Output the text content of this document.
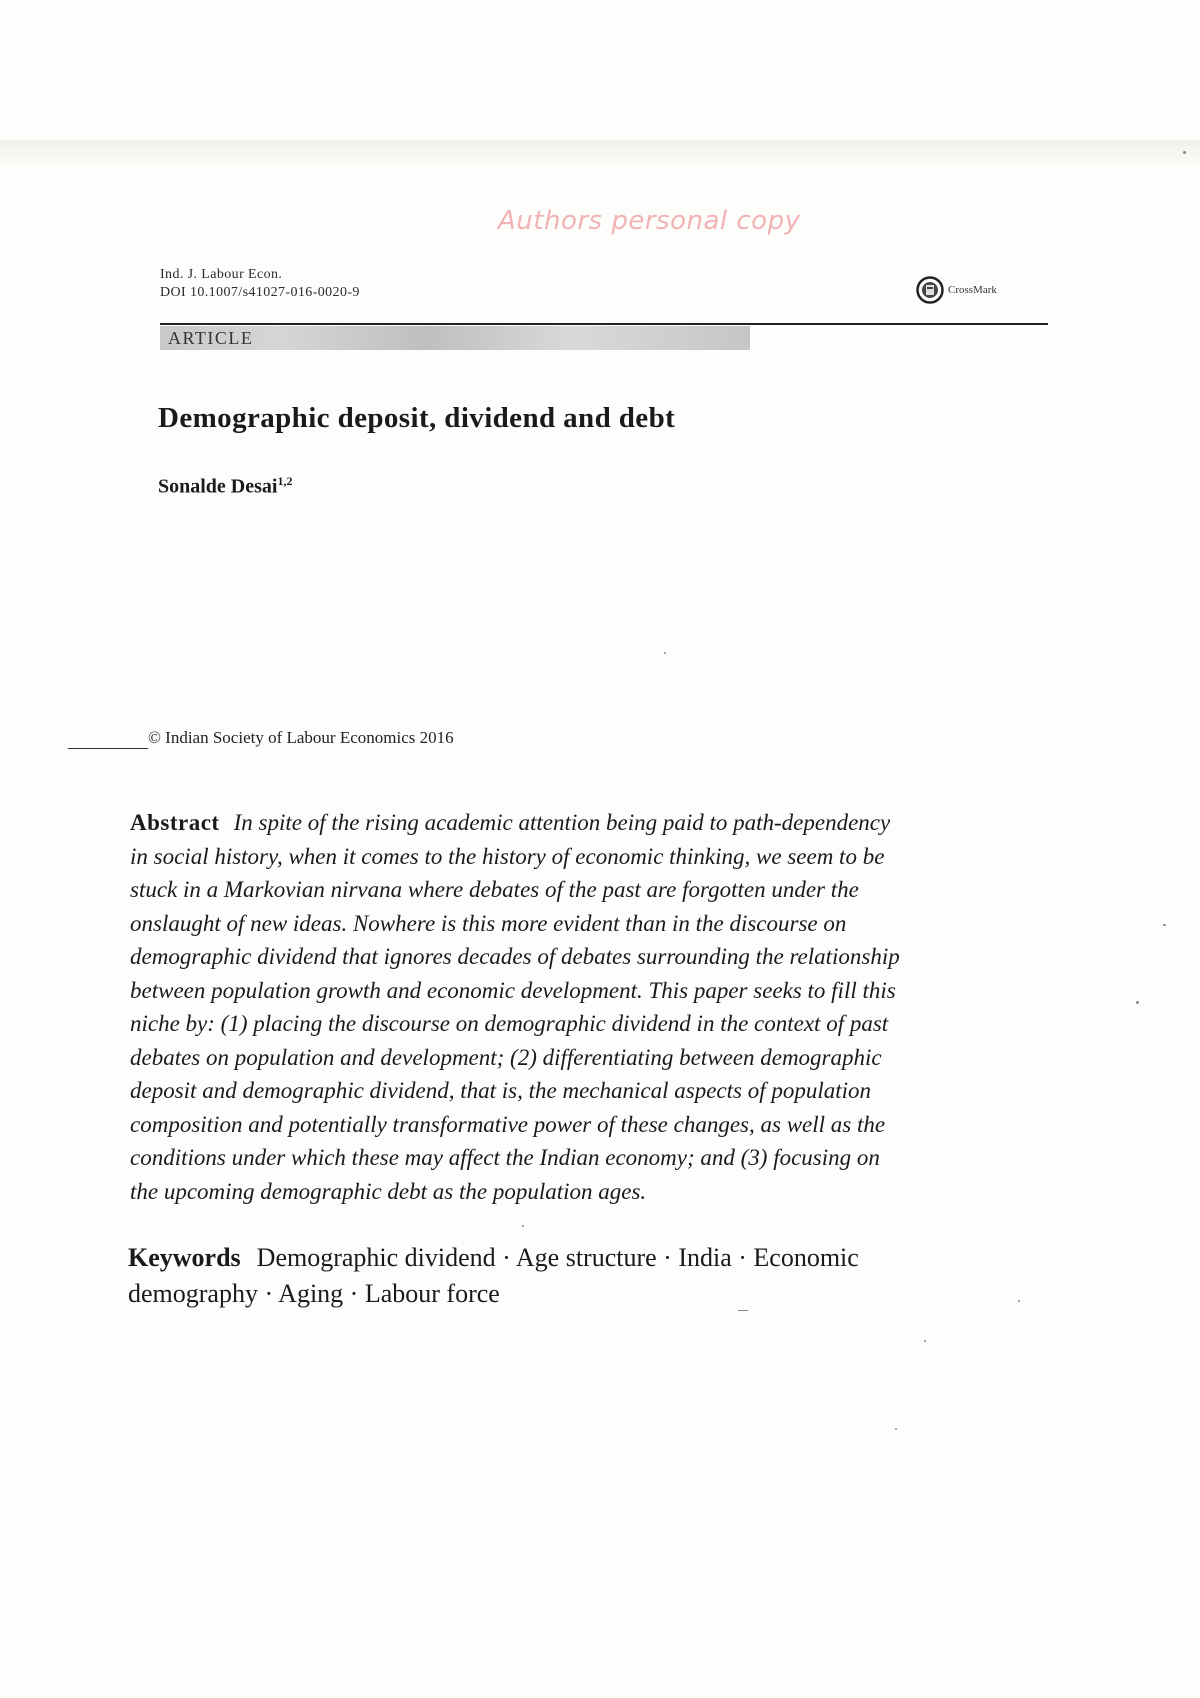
Authors personal copy
Ind. J. Labour Econ.
DOI 10.1007/s41027-016-0020-9	CrossMark
ARTICLE
Demographic deposit, dividend and debt
Sonalde Desai$^{1,2}$
© Indian Society of Labour Economics 2016
Abstract In spite of the rising academic attention being paid to path-dependency
in social history, when it comes to the history of economic thinking, we seem to be
stuck in a Markovian nirvana where debates of the past are forgotten under the
onslaught of new ideas. Nowhere is this more evident than in the discourse on
demographic dividend that ignores decades of debates surrounding the relationship
between population growth and economic development. This paper seeks to fill this
niche by: (1) placing the discourse on demographic dividend in the context of past
debates on population and development; (2) differentiating between demographic
deposit and demographic dividend, that is, the mechanical aspects of population
composition and potentially transformative power of these changes, as well as the
conditions under which these may affect the Indian economy; and (3) focusing on
the upcoming demographic debt as the population ages.
Keywords Demographic dividend · Age structure · India · Economic
demography · Aging · Labour force
